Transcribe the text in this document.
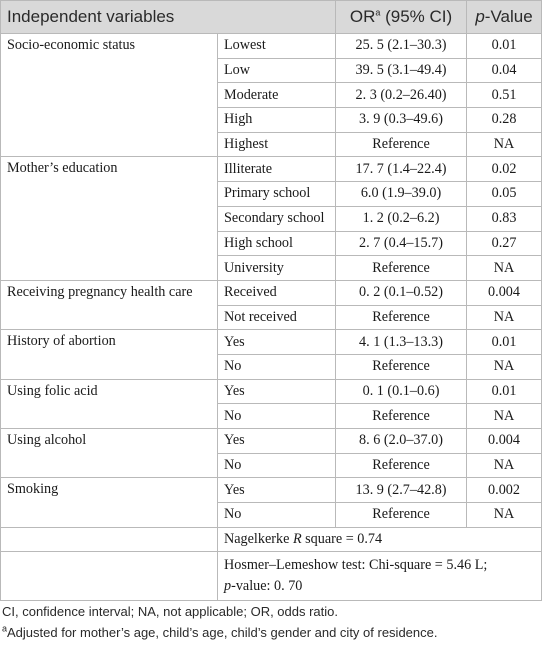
Independent variables		$OR^a$ (95% CI)	p-Value
Socio-economic status	Lowest	25. 5 (2.1–30.3)	0.01
	Low	39. 5 (3.1–49.4)	0.04
	Moderate	2. 3 (0.2–26.40)	0.51
	High	3. 9 (0.3–49.6)	0.28
	Highest	Reference	NA
Mother’s education	Illiterate	17. 7 (1.4–22.4)	0.02
	Primary school	6.0 (1.9–39.0)	0.05
	Secondary school	1. 2 (0.2–6.2)	0.83
	High school	2. 7 (0.4–15.7)	0.27
	University	Reference	NA
Receiving pregnancy health care	Received	0. 2 (0.1–0.52)	0.004
	Not received	Reference	NA
History of abortion	Yes	4. 1 (1.3–13.3)	0.01
	No	Reference	NA
Using folic acid	Yes	0. 1 (0.1–0.6)	0.01
	No	Reference	NA
Using alcohol	Yes	8. 6 (2.0–37.0)	0.004
	No	Reference	NA
Smoking	Yes	13. 9 (2.7–42.8)	0.002
	No	Reference	NA
	Nagelkerke R square = 0.74		
	Hosmer–Lemeshow test: Chi-square = 5.46 L;
p-value: 0. 70		
CI, confidence interval; NA, not applicable; OR, odds ratio.
$^a$Adjusted for mother’s age, child’s age, child’s gender and city of residence.
